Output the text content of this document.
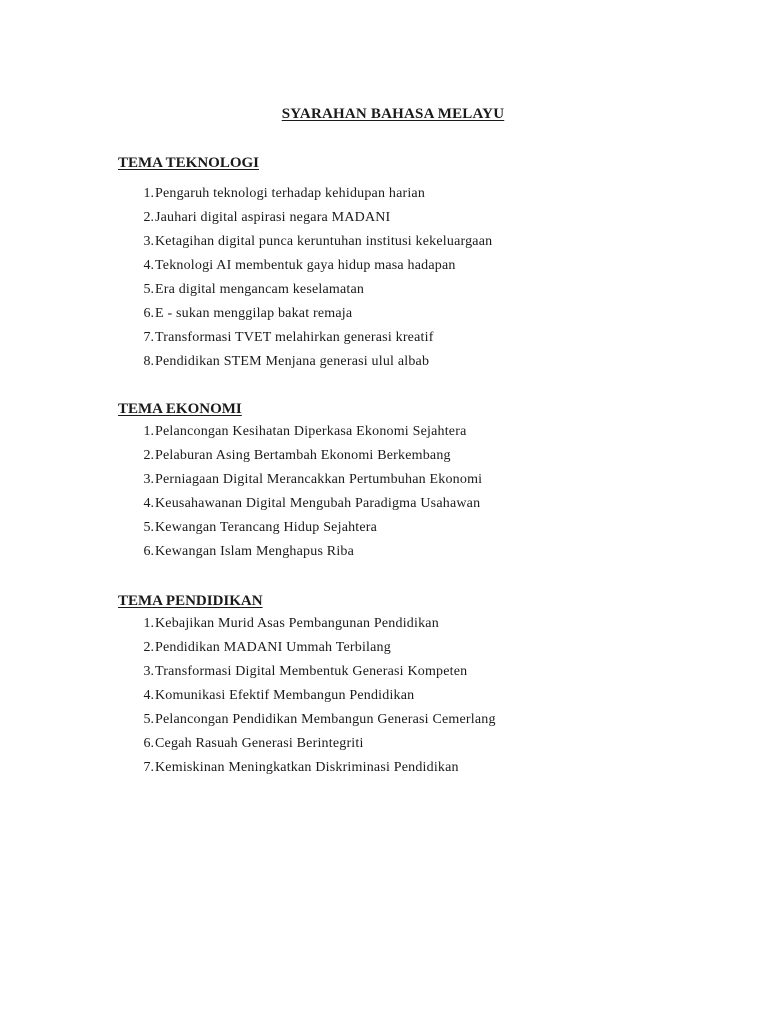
SYARAHAN BAHASA MELAYU
TEMA TEKNOLOGI
1. Pengaruh teknologi terhadap kehidupan harian
2. Jauhari digital aspirasi negara MADANI
3. Ketagihan digital punca keruntuhan institusi kekeluargaan
4. Teknologi AI membentuk gaya hidup masa hadapan
5. Era digital mengancam keselamatan
6. E - sukan menggilap bakat remaja
7. Transformasi TVET melahirkan generasi kreatif
8. Pendidikan STEM Menjana generasi ulul albab
TEMA EKONOMI
1. Pelancongan Kesihatan Diperkasa Ekonomi Sejahtera
2. Pelaburan Asing Bertambah Ekonomi Berkembang
3. Perniagaan Digital Merancakkan Pertumbuhan Ekonomi
4. Keusahawanan Digital Mengubah Paradigma Usahawan
5. Kewangan Terancang Hidup Sejahtera
6. Kewangan Islam Menghapus Riba
TEMA PENDIDIKAN
1. Kebajikan Murid Asas Pembangunan Pendidikan
2. Pendidikan MADANI Ummah Terbilang
3. Transformasi Digital Membentuk Generasi Kompeten
4. Komunikasi Efektif Membangun Pendidikan
5. Pelancongan Pendidikan Membangun Generasi Cemerlang
6. Cegah Rasuah Generasi Berintegriti
7. Kemiskinan Meningkatkan Diskriminasi Pendidikan
